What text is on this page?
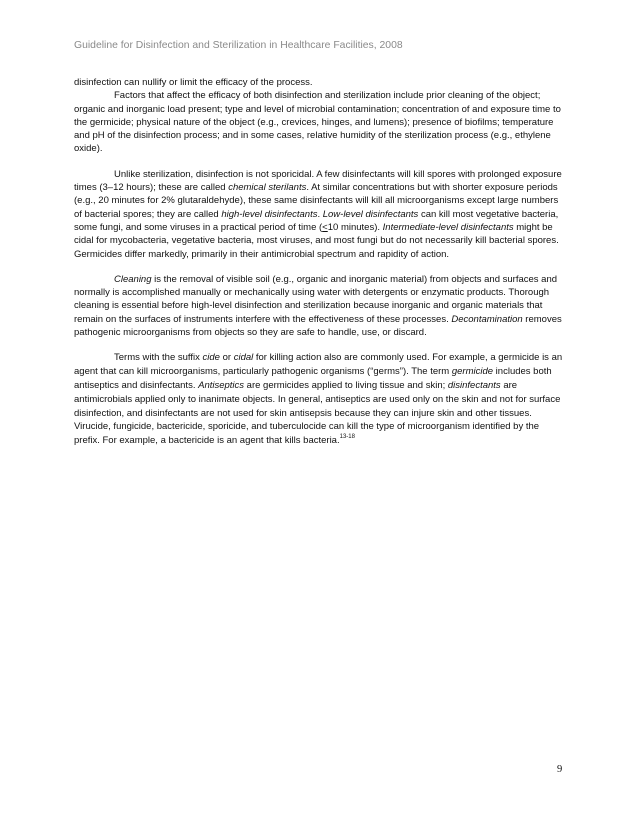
Guideline for Disinfection and Sterilization in Healthcare Facilities, 2008

disinfection can nullify or limit the efficacy of the process.

Factors that affect the efficacy of both disinfection and sterilization include prior cleaning of the object; organic and inorganic load present; type and level of microbial contamination; concentration of and exposure time to the germicide; physical nature of the object (e.g., crevices, hinges, and lumens); presence of biofilms; temperature and pH of the disinfection process; and in some cases, relative humidity of the sterilization process (e.g., ethylene oxide).

Unlike sterilization, disinfection is not sporicidal. A few disinfectants will kill spores with prolonged exposure times (3–12 hours); these are called chemical sterilants. At similar concentrations but with shorter exposure periods (e.g., 20 minutes for 2% glutaraldehyde), these same disinfectants will kill all microorganisms except large numbers of bacterial spores; they are called high-level disinfectants. Low-level disinfectants can kill most vegetative bacteria, some fungi, and some viruses in a practical period of time (≤10 minutes). Intermediate-level disinfectants might be cidal for mycobacteria, vegetative bacteria, most viruses, and most fungi but do not necessarily kill bacterial spores. Germicides differ markedly, primarily in their antimicrobial spectrum and rapidity of action.

Cleaning is the removal of visible soil (e.g., organic and inorganic material) from objects and surfaces and normally is accomplished manually or mechanically using water with detergents or enzymatic products. Thorough cleaning is essential before high-level disinfection and sterilization because inorganic and organic materials that remain on the surfaces of instruments interfere with the effectiveness of these processes. Decontamination removes pathogenic microorganisms from objects so they are safe to handle, use, or discard.

Terms with the suffix cide or cidal for killing action also are commonly used. For example, a germicide is an agent that can kill microorganisms, particularly pathogenic organisms (“germs”). The term germicide includes both antiseptics and disinfectants. Antiseptics are germicides applied to living tissue and skin; disinfectants are antimicrobials applied only to inanimate objects. In general, antiseptics are used only on the skin and not for surface disinfection, and disinfectants are not used for skin antisepsis because they can injure skin and other tissues. Virucide, fungicide, bactericide, sporicide, and tuberculocide can kill the type of microorganism identified by the prefix. For example, a bactericide is an agent that kills bacteria.$^{13-18}$

9
